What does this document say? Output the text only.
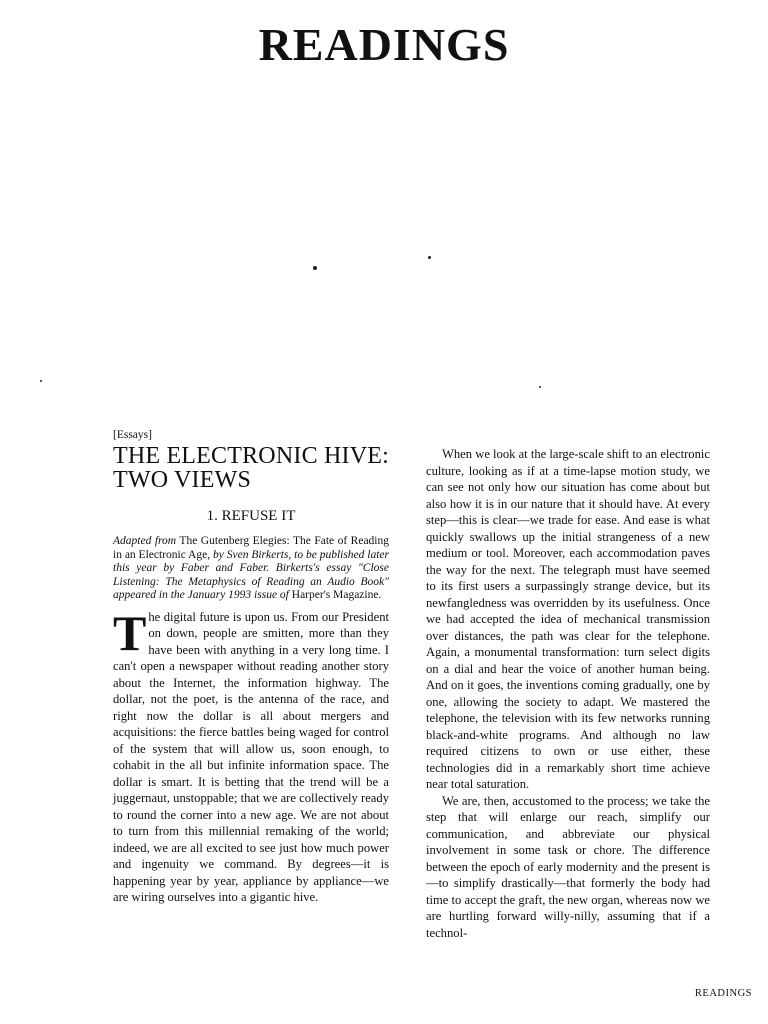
READINGS
[Essays]
THE ELECTRONIC HIVE: TWO VIEWS
1. REFUSE IT

Adapted from The Gutenberg Elegies: The Fate of Reading in an Electronic Age, by Sven Birkerts, to be published later this year by Faber and Faber. Birkerts's essay "Close Listening: The Metaphysics of Reading an Audio Book" appeared in the January 1993 issue of Harper's Magazine.

The digital future is upon us. From our President on down, people are smitten, more than they have been with anything in a very long time. I can't open a newspaper without reading another story about the Internet, the information highway. The dollar, not the poet, is the antenna of the race, and right now the dollar is all about mergers and acquisitions: the fierce battles being waged for control of the system that will allow us, soon enough, to cohabit in the all but infinite information space. The dollar is smart. It is betting that the trend will be a juggernaut, unstoppable; that we are collectively ready to round the corner into a new age. We are not about to turn from this millennial remaking of the world; indeed, we are all excited to see just how much power and ingenuity we command. By degrees—it is happening year by year, appliance by appliance—we are wiring ourselves into a gigantic hive.

When we look at the large-scale shift to an electronic culture, looking as if at a time-lapse motion study, we can see not only how our situation has come about but also how it is in our nature that it should have. At every step—this is clear—we trade for ease. And ease is what quickly swallows up the initial strangeness of a new medium or tool. Moreover, each accommodation paves the way for the next. The telegraph must have seemed to its first users a surpassingly strange device, but its newfangledness was overridden by its usefulness. Once we had accepted the idea of mechanical transmission over distances, the path was clear for the telephone. Again, a monumental transformation: turn select digits on a dial and hear the voice of another human being. And on it goes, the inventions coming gradually, one by one, allowing the society to adapt. We mastered the telephone, the television with its few networks running black-and-white programs. And although no law required citizens to own or use either, these technologies did in a remarkably short time achieve near total saturation.

We are, then, accustomed to the process; we take the step that will enlarge our reach, simplify our communication, and abbreviate our physical involvement in some task or chore. The difference between the epoch of early modernity and the present is—to simplify drastically—that formerly the body had time to accept the graft, the new organ, whereas now we are hurtling forward willy-nilly, assuming that if a technol-

READINGS
